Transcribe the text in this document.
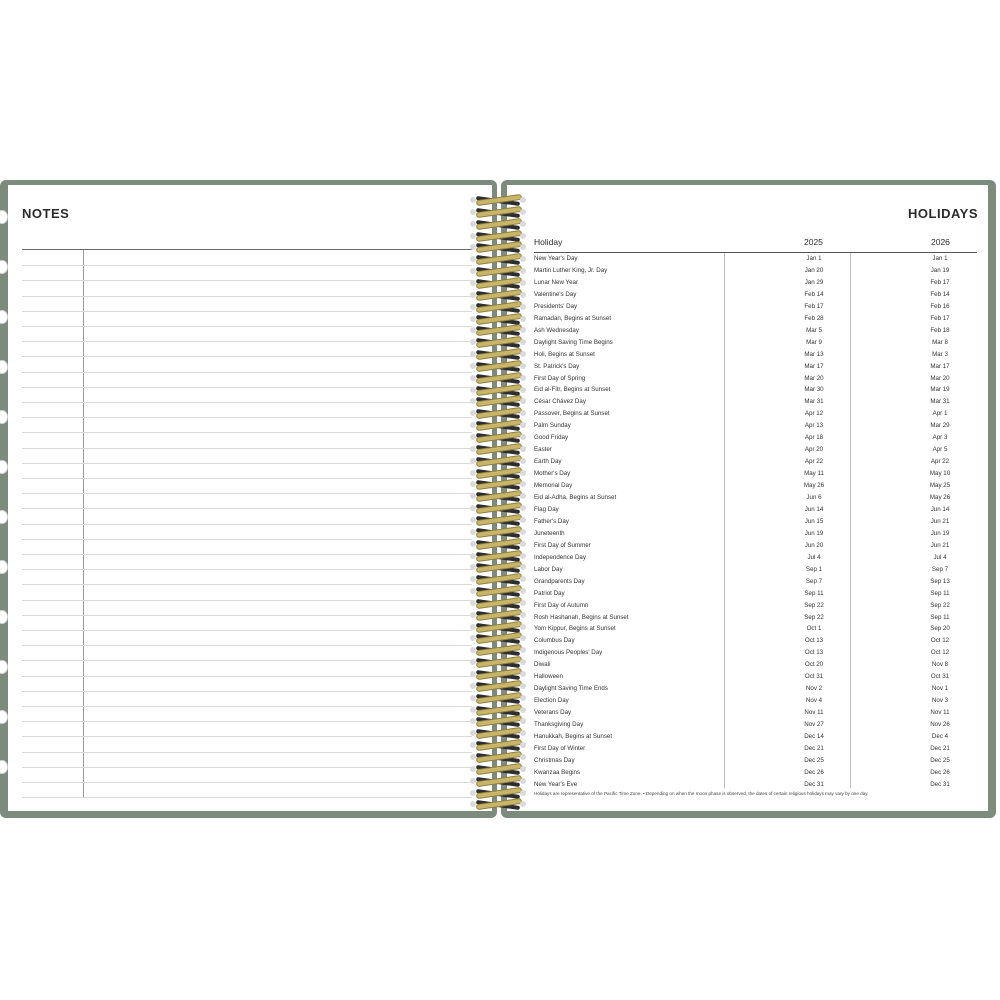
NOTES	HOLIDAYS
Holiday	2025	2026
New Year's Day	Jan 1	Jan 1
Martin Luther King, Jr. Day	Jan 20	Jan 19
Lunar New Year	Jan 29	Feb 17
Valentine's Day	Feb 14	Feb 14
Presidents' Day	Feb 17	Feb 16
Ramadan, Begins at Sunset	Feb 28	Feb 17
Ash Wednesday	Mar 5	Feb 18
Daylight Saving Time Begins	Mar 9	Mar 8
Holi, Begins at Sunset	Mar 13	Mar 3
St. Patrick's Day	Mar 17	Mar 17
First Day of Spring	Mar 20	Mar 20
Eid al-Fitr, Begins at Sunset	Mar 30	Mar 19
César Chávez Day	Mar 31	Mar 31
Passover, Begins at Sunset	Apr 12	Apr 1
Palm Sunday	Apr 13	Mar 29
Good Friday	Apr 18	Apr 3
Easter	Apr 20	Apr 5
Earth Day	Apr 22	Apr 22
Mother's Day	May 11	May 10
Memorial Day	May 26	May 25
Eid al-Adha, Begins at Sunset	Jun 6	May 26
Flag Day	Jun 14	Jun 14
Father's Day	Jun 15	Jun 21
Juneteenth	Jun 19	Jun 19
First Day of Summer	Jun 20	Jun 21
Independence Day	Jul 4	Jul 4
Labor Day	Sep 1	Sep 7
Grandparents Day	Sep 7	Sep 13
Patriot Day	Sep 11	Sep 11
First Day of Autumn	Sep 22	Sep 22
Rosh Hashanah, Begins at Sunset	Sep 22	Sep 11
Yom Kippur, Begins at Sunset	Oct 1	Sep 20
Columbus Day	Oct 13	Oct 12
Indigenous Peoples' Day	Oct 13	Oct 12
Diwali	Oct 20	Nov 8
Halloween	Oct 31	Oct 31
Daylight Saving Time Ends	Nov 2	Nov 1
Election Day	Nov 4	Nov 3
Veterans Day	Nov 11	Nov 11
Thanksgiving Day	Nov 27	Nov 26
Hanukkah, Begins at Sunset	Dec 14	Dec 4
First Day of Winter	Dec 21	Dec 21
Christmas Day	Dec 25	Dec 25
Kwanzaa Begins	Dec 26	Dec 26
New Year's Eve	Dec 31	Dec 31
Holidays are representative of the Pacific Time Zone. • Depending on when the moon phase is observed, the dates of certain religious holidays may vary by one day.
